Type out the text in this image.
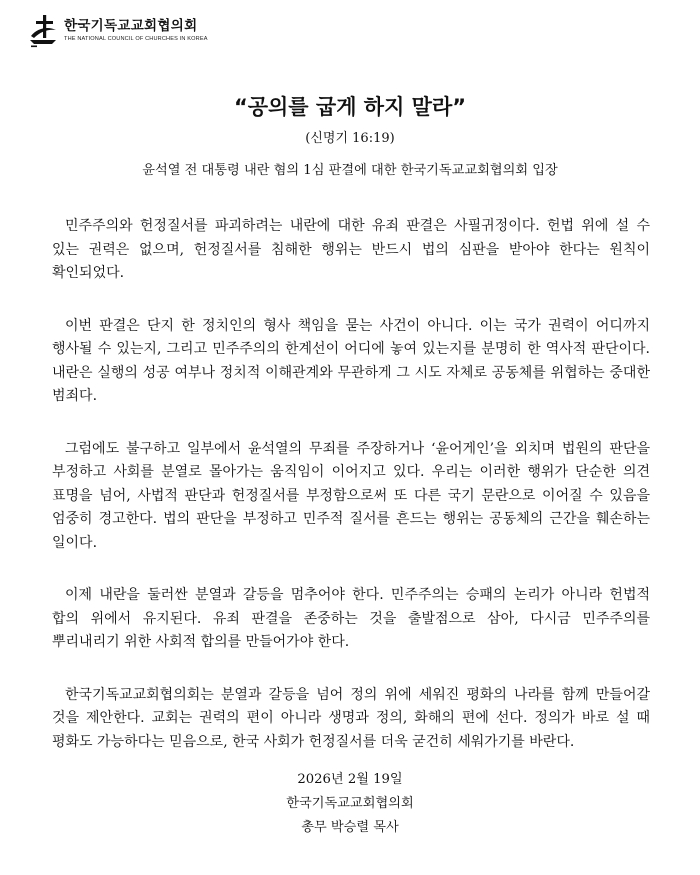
한국기독교교회협의회
THE NATIONAL COUNCIL OF CHURCHES IN KOREA
“공의를 굽게 하지 말라”
(신명기 16:19)
윤석열 전 대통령 내란 혐의 1심 판결에 대한 한국기독교교회협의회 입장

민주주의와 헌정질서를 파괴하려는 내란에 대한 유죄 판결은 사필귀정이다. 헌법 위에 설 수 있는 권력은 없으며, 헌정질서를 침해한 행위는 반드시 법의 심판을 받아야 한다는 원칙이 확인되었다.

이번 판결은 단지 한 정치인의 형사 책임을 묻는 사건이 아니다. 이는 국가 권력이 어디까지 행사될 수 있는지, 그리고 민주주의의 한계선이 어디에 놓여 있는지를 분명히 한 역사적 판단이다. 내란은 실행의 성공 여부나 정치적 이해관계와 무관하게 그 시도 자체로 공동체를 위협하는 중대한 범죄다.

그럼에도 불구하고 일부에서 윤석열의 무죄를 주장하거나 ‘윤어게인’을 외치며 법원의 판단을 부정하고 사회를 분열로 몰아가는 움직임이 이어지고 있다. 우리는 이러한 행위가 단순한 의견 표명을 넘어, 사법적 판단과 헌정질서를 부정함으로써 또 다른 국기 문란으로 이어질 수 있음을 엄중히 경고한다. 법의 판단을 부정하고 민주적 질서를 흔드는 행위는 공동체의 근간을 훼손하는 일이다.

이제 내란을 둘러싼 분열과 갈등을 멈추어야 한다. 민주주의는 승패의 논리가 아니라 헌법적 합의 위에서 유지된다. 유죄 판결을 존중하는 것을 출발점으로 삼아, 다시금 민주주의를 뿌리내리기 위한 사회적 합의를 만들어가야 한다.

한국기독교교회협의회는 분열과 갈등을 넘어 정의 위에 세워진 평화의 나라를 함께 만들어갈 것을 제안한다. 교회는 권력의 편이 아니라 생명과 정의, 화해의 편에 선다. 정의가 바로 설 때 평화도 가능하다는 믿음으로, 한국 사회가 헌정질서를 더욱 굳건히 세워가기를 바란다.

2026년 2월 19일
한국기독교교회협의회
총무 박승렬 목사
